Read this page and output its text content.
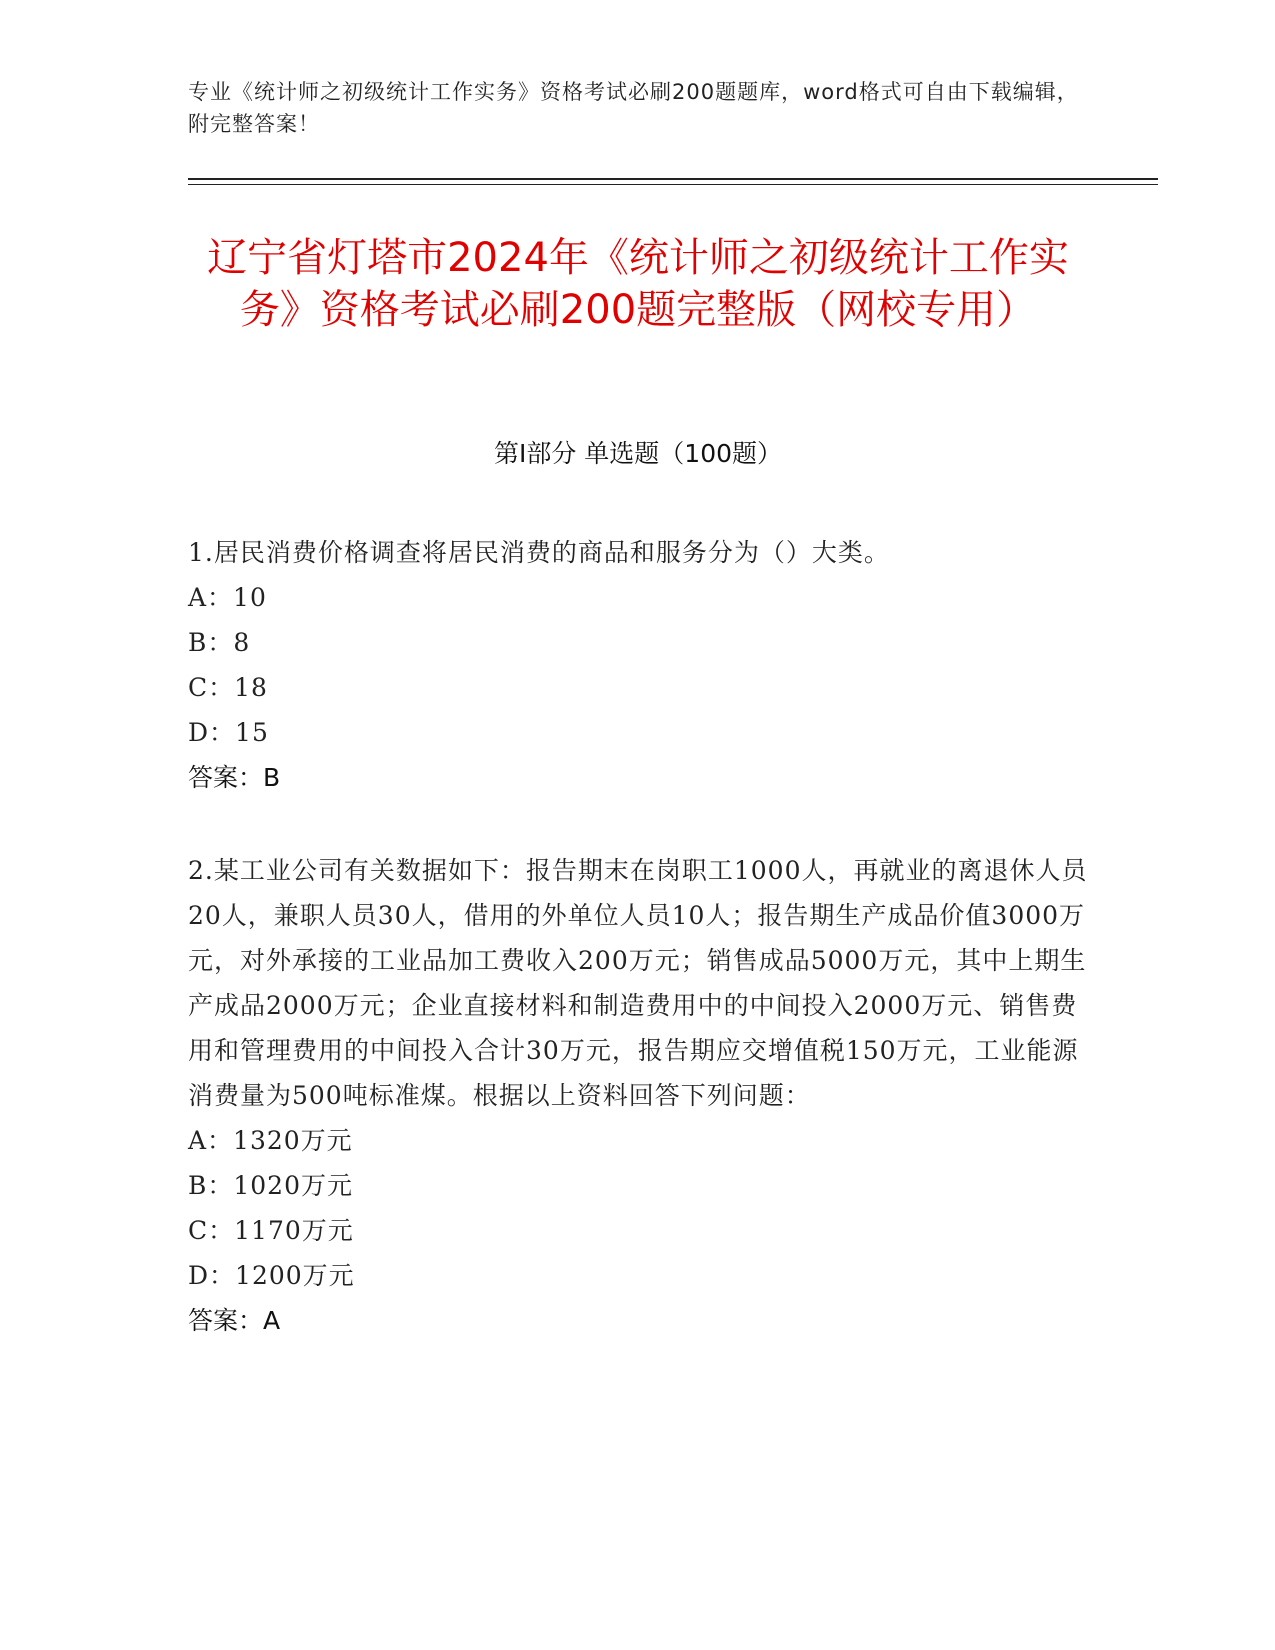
专业《统计师之初级统计工作实务》资格考试必刷200题题库，word格式可自由下载编辑，附完整答案！
辽宁省灯塔市2024年《统计师之初级统计工作实务》资格考试必刷200题完整版（网校专用）
第Ⅰ部分 单选题（100题）
1.居民消费价格调查将居民消费的商品和服务分为（）大类。
A：10
B：8
C：18
D：15
答案：B
2.某工业公司有关数据如下：报告期末在岗职工1000人，再就业的离退休人员20人，兼职人员30人，借用的外单位人员10人；报告期生产成品价值3000万元，对外承接的工业品加工费收入200万元；销售成品5000万元，其中上期生产成品2000万元；企业直接材料和制造费用中的中间投入2000万元、销售费用和管理费用的中间投入合计30万元，报告期应交增值税150万元，工业能源消费量为500吨标准煤。根据以上资料回答下列问题：
A：1320万元
B：1020万元
C：1170万元
D：1200万元
答案：A
